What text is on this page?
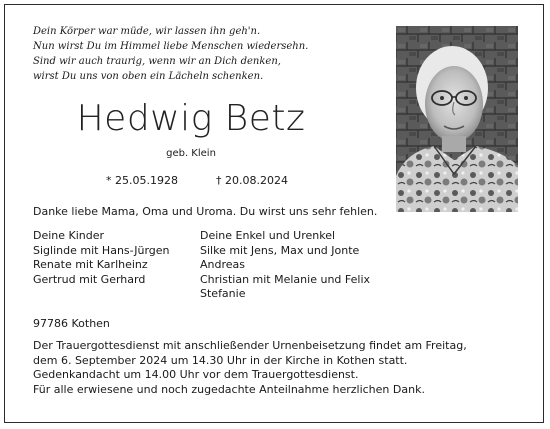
Dein Körper war müde, wir lassen ihn geh'n.
Nun wirst Du im Himmel liebe Menschen wiedersehn.
Sind wir auch traurig, wenn wir an Dich denken,
wirst Du uns von oben ein Lächeln schenken.
Hedwig Betz
geb. Klein
* 25.05.1928	† 20.08.2024
Danke liebe Mama, Oma und Uroma. Du wirst uns sehr fehlen.
Deine Kinder
Siglinde mit Hans-Jürgen
Renate mit Karlheinz
Gertrud mit Gerhard
Deine Enkel und Urenkel
Silke mit Jens, Max und Jonte
Andreas
Christian mit Melanie und Felix
Stefanie
97786 Kothen
Der Trauergottesdienst mit anschließender Urnenbeisetzung findet am Freitag,
dem 6. September 2024 um 14.30 Uhr in der Kirche in Kothen statt.
Gedenkandacht um 14.00 Uhr vor dem Trauergottesdienst.
Für alle erwiesene und noch zugedachte Anteilnahme herzlichen Dank.
